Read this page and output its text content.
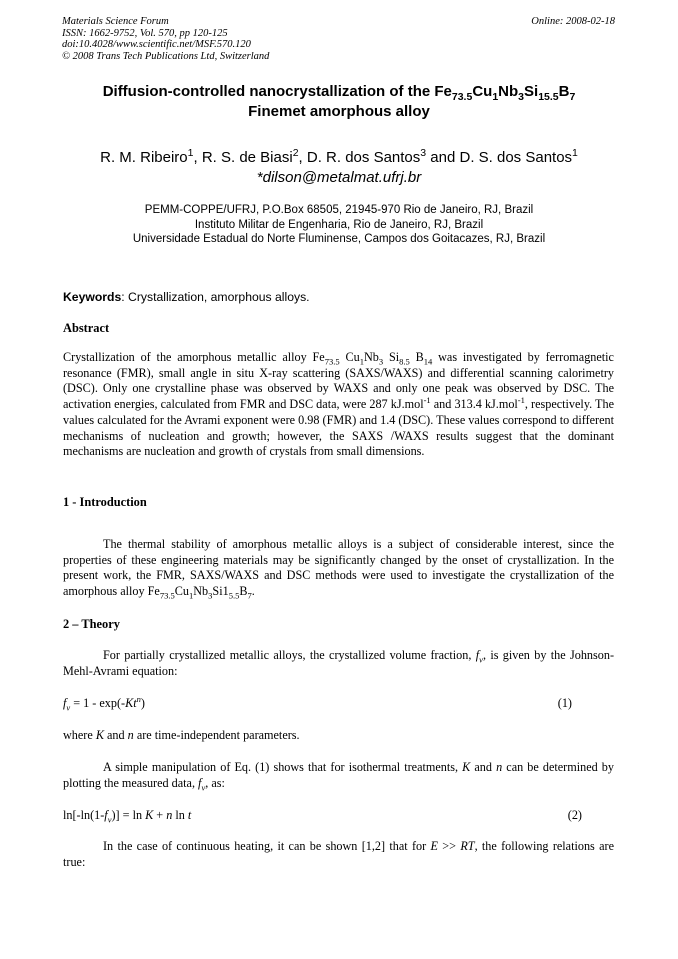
Materials Science Forum
ISSN: 1662-9752, Vol. 570, pp 120-125
doi:10.4028/www.scientific.net/MSF.570.120
© 2008 Trans Tech Publications Ltd, Switzerland
Online: 2008-02-18
Diffusion-controlled nanocrystallization of the $Fe_{73.5}Cu_1Nb_3Si_{15.5}B_7$
Finemet amorphous alloy
R. M. Ribeiro$^1$, R. S. de Biasi$^2$, D. R. dos Santos$^3$ and D. S. dos Santos$^1$
*dilson@metalmat.ufrj.br
PEMM-COPPE/UFRJ, P.O.Box 68505, 21945-970 Rio de Janeiro, RJ, Brazil
Instituto Militar de Engenharia, Rio de Janeiro, RJ, Brazil
Universidade Estadual do Norte Fluminense, Campos dos Goitacazes, RJ, Brazil
Keywords: Crystallization, amorphous alloys.
Abstract
Crystallization of the amorphous metallic alloy $Fe_{73.5}$ $Cu_1Nb_3$ $Si_{8.5}$ $B_{14}$ was investigated by ferromagnetic resonance (FMR), small angle in situ X-ray scattering (SAXS/WAXS) and differential scanning calorimetry (DSC). Only one crystalline phase was observed by WAXS and only one peak was observed by DSC. The activation energies, calculated from FMR and DSC data, were 287 kJ.mol$^{-1}$ and 313.4 kJ.mol$^{-1}$, respectively. The values calculated for the Avrami exponent were 0.98 (FMR) and 1.4 (DSC). These values correspond to different mechanisms of nucleation and growth; however, the SAXS /WAXS results suggest that the dominant mechanisms are nucleation and growth of crystals from small dimensions.
1 - Introduction
The thermal stability of amorphous metallic alloys is a subject of considerable interest, since the properties of these engineering materials may be significantly changed by the onset of crystallization. In the present work, the FMR, SAXS/WAXS and DSC methods were used to investigate the crystallization of the amorphous alloy $Fe_{73.5}Cu_1Nb_3Si1_{5.5}B_7$.
2 – Theory
For partially crystallized metallic alloys, the crystallized volume fraction, $f_v$, is given by the Johnson-Mehl-Avrami equation:
$f_v = 1 - \exp(-Kt^n)$	(1)
where K and n are time-independent parameters.
A simple manipulation of Eq. (1) shows that for isothermal treatments, K and n can be determined by plotting the measured data, $f_v$, as:
$\ln[-\ln(1-f_v)] = \ln K + n$ ln t	(2)
In the case of continuous heating, it can be shown [1,2] that for E >> RT, the following relations are true:
